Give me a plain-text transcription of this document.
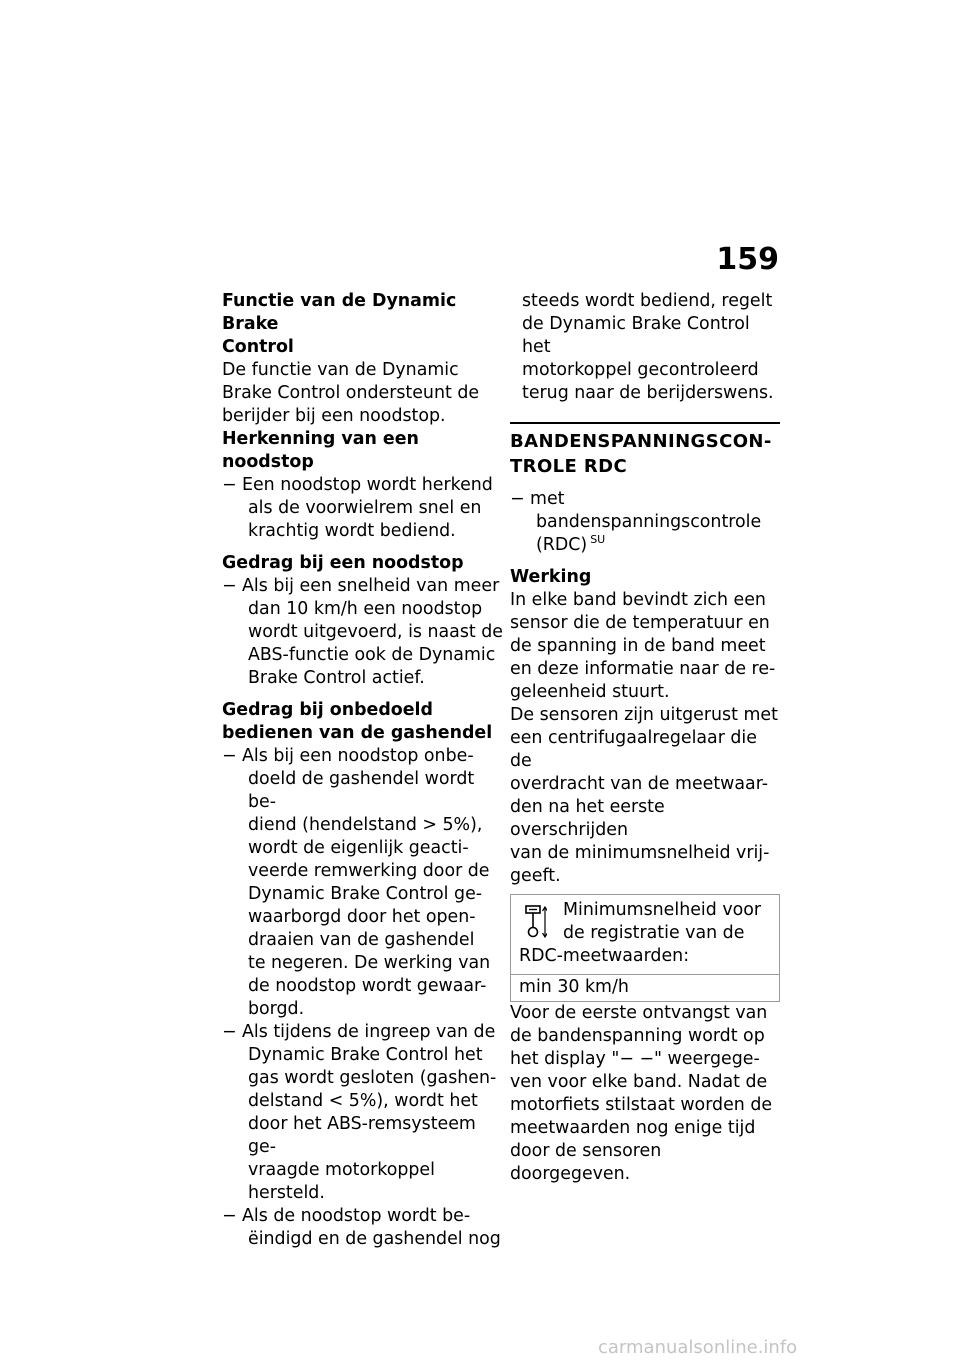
159

Functie van de Dynamic Brake
Control

De functie van de Dynamic
Brake Control ondersteunt de
berijder bij een noodstop.

Herkenning van een noodstop

− Een noodstop wordt herkend
als de voorwielrem snel en
krachtig wordt bediend.

Gedrag bij een noodstop

− Als bij een snelheid van meer
dan 10 km/h een noodstop
wordt uitgevoerd, is naast de
ABS-functie ook de Dynamic
Brake Control actief.

Gedrag bij onbedoeld
bedienen van de gashendel

− Als bij een noodstop onbe-
doeld de gashendel wordt be-
diend (hendelstand > 5%),
wordt de eigenlijk geacti-
veerde remwerking door de
Dynamic Brake Control ge-
waarborgd door het open-
draaien van de gashendel
te negeren. De werking van
de noodstop wordt gewaar-
borgd.

− Als tijdens de ingreep van de
Dynamic Brake Control het
gas wordt gesloten (gashen-
delstand < 5%), wordt het
door het ABS-remsysteem ge-
vraagde motorkoppel hersteld.

− Als de noodstop wordt be-
ëindigd en de gashendel nog

steeds wordt bediend, regelt
de Dynamic Brake Control het
motorkoppel gecontroleerd
terug naar de berijderswens.

BANDENSPANNINGSCON-
TROLE RDC

− met bandenspanningscontrole
(RDC) $^{SU}$

Werking

In elke band bevindt zich een
sensor die de temperatuur en
de spanning in de band meet
en deze informatie naar de re-
geleenheid stuurt.

De sensoren zijn uitgerust met
een centrifugaalregelaar die de
overdracht van de meetwaar-
den na het eerste overschrijden
van de minimumsnelheid vrij-
geeft.

Minimumsnelheid voor
de registratie van de
RDC-meetwaarden:
min 30 km/h

Voor de eerste ontvangst van
de bandenspanning wordt op
het display "− −" weergege-
ven voor elke band. Nadat de
motorfiets stilstaat worden de
meetwaarden nog enige tijd
door de sensoren doorgegeven.

carmanualsonline.info
